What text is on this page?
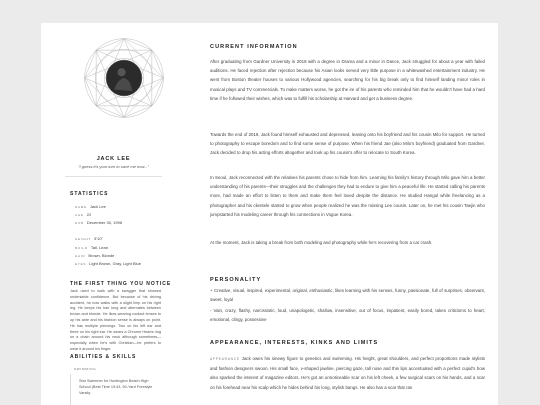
JACK LEE
"I guess it's your turn to save me now..."
STATISTICS
NAME Jack Lee
AGE 22
DOB December 30, 1996
HEIGHT 5'10"
BUILD Tall, Lean
HAIR Brown, Blonde
EYES Light Brown, Gray, Light Blue
THE FIRST THING YOU NOTICE
Jack used to walk with a swagger that showed undeniable confidence. But because of his driving accident, he now walks with a slight limp on his right leg. He keeps his hair long and alternates between brown and blonde. He likes wearing contact lenses to up his ante and his fashion sense is always on point. He has multiple piercings. Two on his left ear and three on his right ear. He wears a Chrome Hearts ring on a chain around his neck although sometimes—especially when he's with Christian—he prefers to wear it around his finger.
ABILITIES & SKILLS
SWIMMING
Star Swimmer for Huntington Beach High School (Best Time 19:43, 50-Yard Freestyle Varsity.
CURRENT INFORMATION
After graduating from Gardner University in 2018 with a degree in Drama and a minor in Dance, Jack struggled for about a year with failed auditions. He faced rejection after rejection because his Asian looks served very little purpose in a whitewashed entertainment industry. He went from Boston theater houses to various Hollywood agencies, searching for his big break only to find himself landing minor roles in musical plays and TV commercials. To make matters worse, he got the ire of his parents who reminded him that he wouldn't have had a hard time if he followed their wishes, which was to fulfill his scholarship at Harvard and get a business degree.
Towards the end of 2019, Jack found himself exhausted and depressed, leaning onto his boyfriend and his cousin Milo for support. He turned to photography to escape boredom and to find some sense of purpose. When his friend Jae (also Milo's boyfriend) graduated from Gardner, Jack decided to drop his acting efforts altogether and took up his cousin's offer to relocate to South Korea.
In Seoul, Jack reconnected with the relatives his parents chose to hide from him. Learning his family's history through Milo gave him a better understanding of his parents—their struggles and the challenges they had to endure to give him a peaceful life. He started calling his parents more, had made an effort to listen to them and make them feel loved despite the distance. He studied Hangul while freelancing as a photographer and his clientele started to grow when people realized he was the missing Lee cousin. Later on, he met his cousin Taejin who jumpstarted his modeling career through his connections in Vogue Korea.
At the moment, Jack is taking a break from both modeling and photography while he's recovering from a car crash.
PERSONALITY
+ Creative, visual, inspired, experimental, original, enthusiastic, likes learning with his senses, funny, passionate, full of surprises, observant, sweet, loyal
- Vain, crazy, flashy, narcissistic, loud, unapologetic, shallow, insensitive, out of focus, impatient, easily bored, takes criticisms to heart, emotional, clingy, possessive
APPEARANCE, INTERESTS, KINKS AND LIMITS
APPEARANCE Jack owes his sinewy figure to genetics and swimming. His height, great shoulders, and perfect proportions made stylists and fashion designers swoon. His small face, v-shaped jawline, piercing gaze, tall nose and thin lips accentuated with a perfect cupid's bow also sparked the interest of magazine editors. He's got an unnoticeable scar on his left cheek, a few surgical scars on his hands, and a scar on his forehead near his scalp which he hides behind his long, stylish bangs. He also has a scar that ran
